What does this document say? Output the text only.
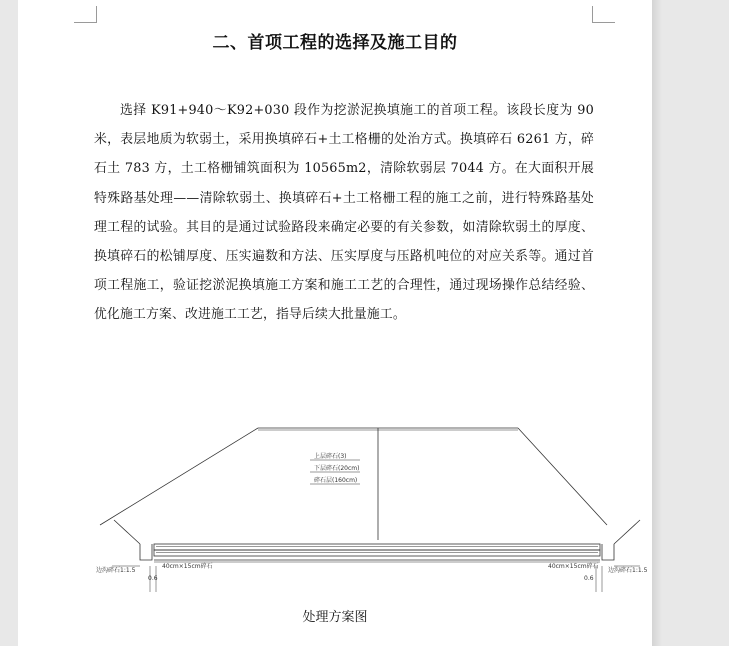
二、首项工程的选择及施工目的
选择 K91+940～K92+030 段作为挖淤泥换填施工的首项工程。该段长度为 90 米，表层地质为软弱土，采用换填碎石+土工格栅的处治方式。换填碎石 6261 方，碎石土 783 方，土工格栅铺筑面积为 10565m2，清除软弱层 7044 方。在大面积开展特殊路基处理——清除软弱土、换填碎石+土工格栅工程的施工之前，进行特殊路基处理工程的试验。其目的是通过试验路段来确定必要的有关参数，如清除软弱土的厚度、换填碎石的松铺厚度、压实遍数和方法、压实厚度与压路机吨位的对应关系等。通过首项工程施工，验证挖淤泥换填施工方案和施工工艺的合理性，通过现场操作总结经验、优化施工方案、改进施工工艺，指导后续大批量施工。
上层碎石(3)
下层碎石(20cm)
碎石层(160cm)
40cm×15cm碎石	40cm×15cm碎石
边沟碎石1:1.5	边沟碎石1:1.5
0.6	0.6
处理方案图
